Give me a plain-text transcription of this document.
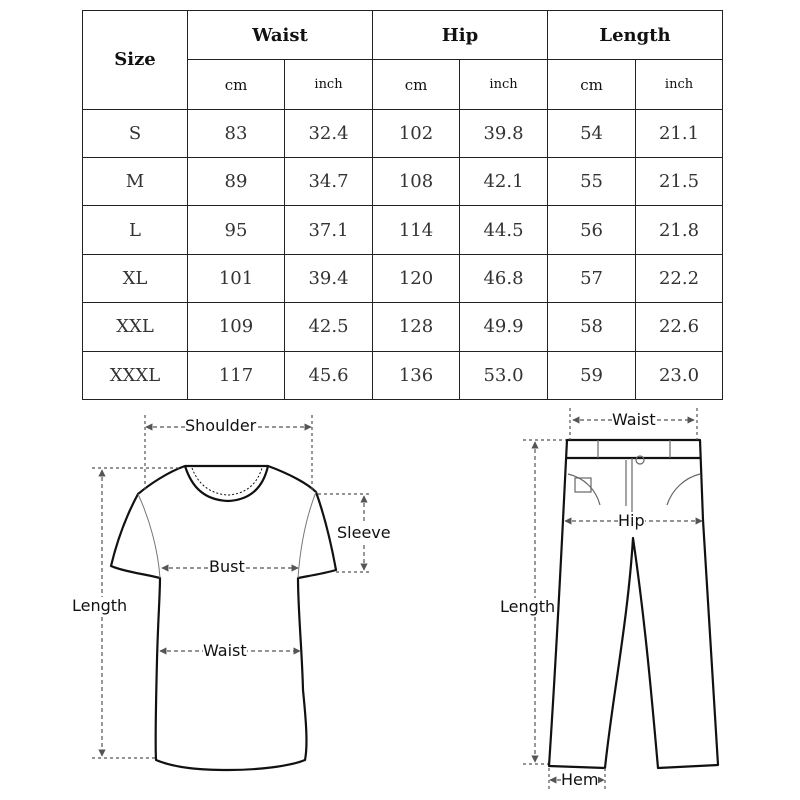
Size	Waist		Hip		Length	
	cm	inch	cm	inch	cm	inch
S	83	32.4	102	39.8	54	21.1
M	89	34.7	108	42.1	55	21.5
L	95	37.1	114	44.5	56	21.8
XL	101	39.4	120	46.8	57	22.2
XXL	109	42.5	128	49.9	58	22.6
XXXL	117	45.6	136	53.0	59	23.0
Shoulder
Sleeve
Bust
Length
Waist
Waist
Hip
Length
Hem
